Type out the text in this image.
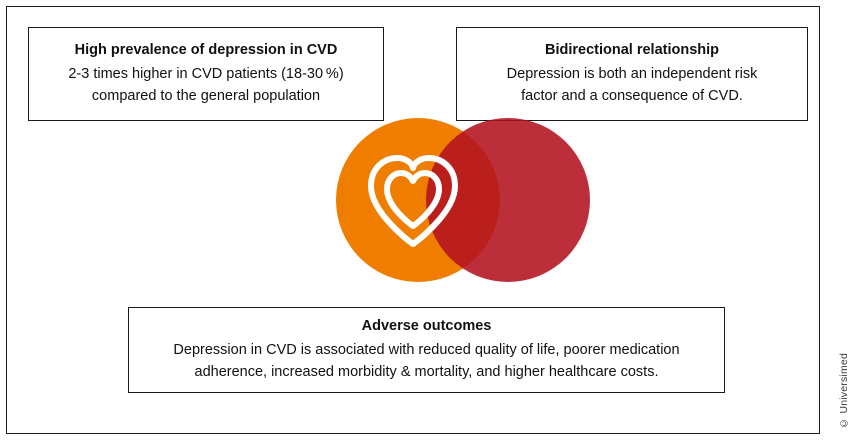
High prevalence of depression in CVD
2-3 times higher in CVD patients (18-30 %)
compared to the general population
Bidirectional relationship
Depression is both an independent risk
factor and a consequence of CVD.
Adverse outcomes
Depression in CVD is associated with reduced quality of life, poorer medication
adherence, increased morbidity & mortality, and higher healthcare costs.	© Universimed
